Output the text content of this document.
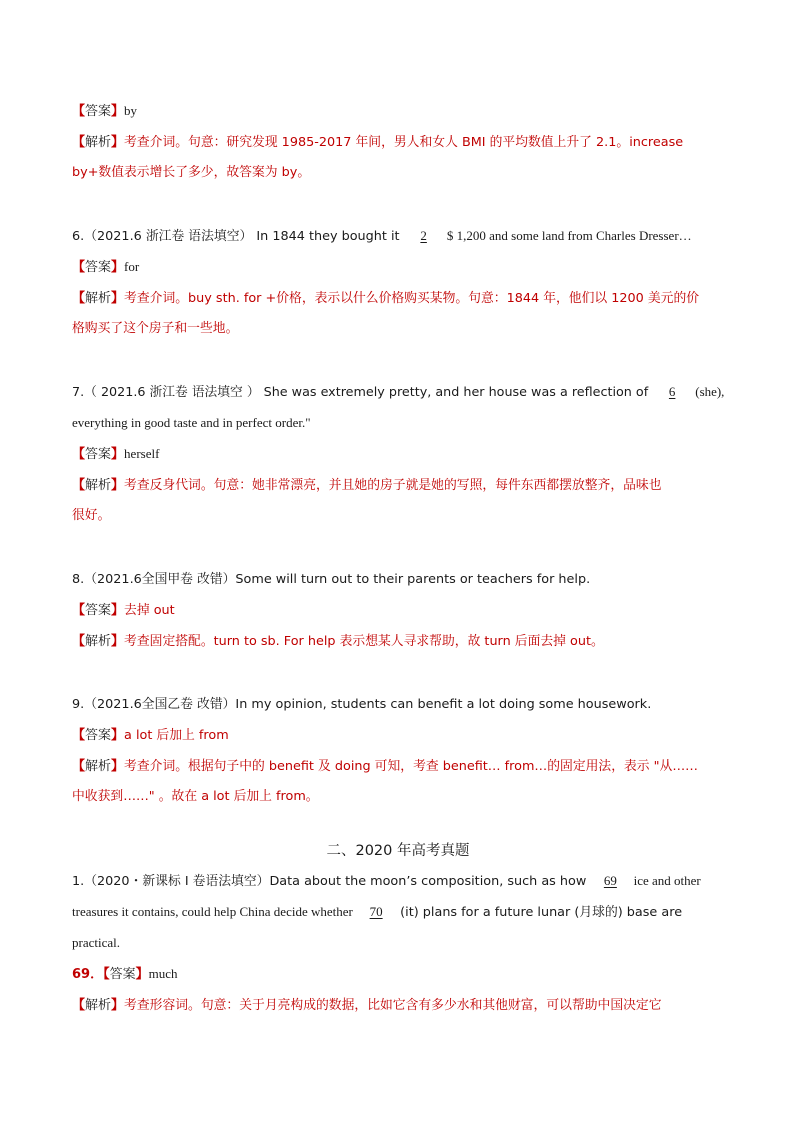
【答案】by
【解析】考查介词。句意：研究发现 1985-2017 年间，男人和女人 BMI 的平均数值上升了 2.1。increase
by+数值表示增长了多少，故答案为 by。
6.（2021.6 浙江卷 语法填空） In 1844 they bought it 2 $ 1,200 and some land from Charles Dresser…
【答案】for
【解析】考查介词。buy sth. for +价格，表示以什么价格购买某物。句意：1844 年，他们以 1200 美元的价
格购买了这个房子和一些地。
7.（ 2021.6 浙江卷 语法填空 ） She was extremely pretty, and her house was a reflection of 6 (she),
everything in good taste and in perfect order."
【答案】herself
【解析】考查反身代词。句意：她非常漂亮，并且她的房子就是她的写照，每件东西都摆放整齐，品味也
很好。
8.（2021.6全国甲卷 改错）Some will turn out to their parents or teachers for help.
【答案】去掉 out
【解析】考查固定搭配。turn to sb. For help 表示想某人寻求帮助，故 turn 后面去掉 out。
9.（2021.6全国乙卷 改错）In my opinion, students can benefit a lot doing some housework.
【答案】a lot 后加上 from
【解析】考查介词。根据句子中的 benefit 及 doing 可知，考查 benefit… from…的固定用法，表示 "从……
中收获到……" 。故在 a lot 后加上 from。
二、2020 年高考真题
1.（2020・新课标 I 卷语法填空）Data about the moon’s composition, such as how 69 ice and other
treasures it contains, could help China decide whether 70 (it) plans for a future lunar (月球的) base are
practical.
69．【答案】much
【解析】考查形容词。句意：关于月亮构成的数据，比如它含有多少水和其他财富，可以帮助中国决定它
